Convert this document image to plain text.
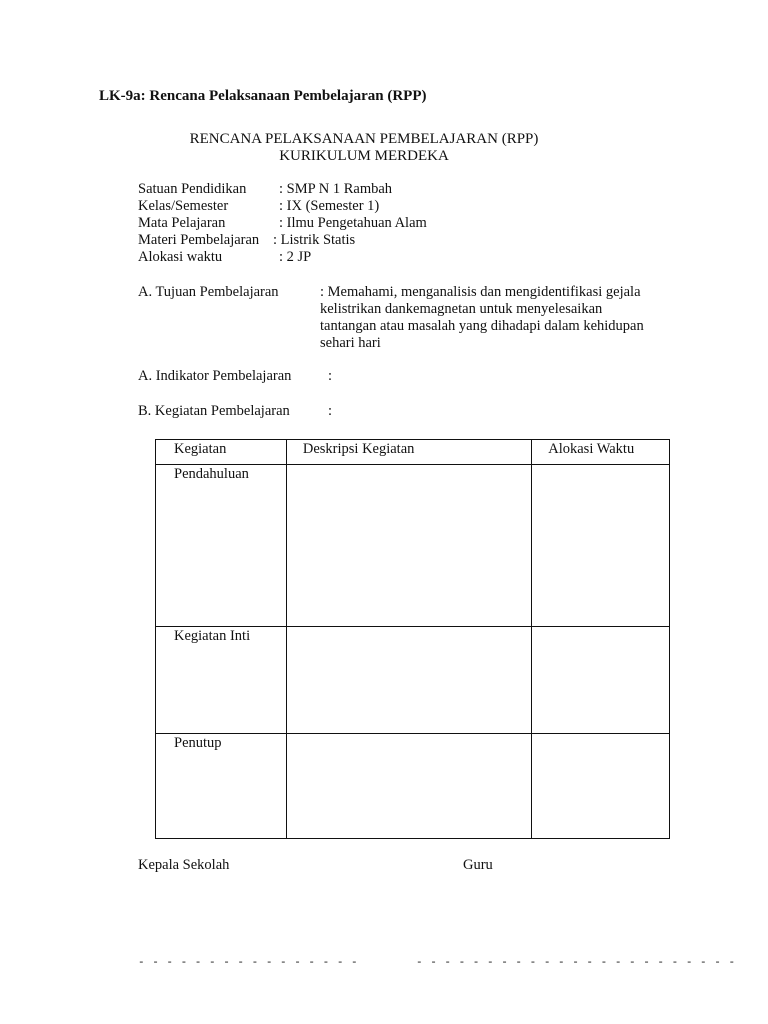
LK-9a: Rencana Pelaksanaan Pembelajaran (RPP)
RENCANA PELAKSANAAN PEMBELAJARAN (RPP)
KURIKULUM MERDEKA
Satuan Pendidikan : SMP N 1 Rambah
Kelas/Semester	: IX (Semester 1)
Mata Pelajaran	: Ilmu Pengetahuan Alam
Materi Pembelajaran : Listrik Statis
Alokasi waktu	: 2 JP
A. Tujuan Pembelajaran	: Memahami, menganalisis dan mengidentifikasi gejala
kelistrikan dankemagnetan untuk menyelesaikan
tantangan atau masalah yang dihadapi dalam kehidupan
sehari hari
A. Indikator Pembelajaran	:
B. Kegiatan Pembelajaran	:
Kegiatan	Deskripsi Kegiatan	Alokasi Waktu

Pendahuluan		

Kegiatan Inti		

Penutup		

Kepala Sekolah	Guru
- - - - - - - - - - - - - - - -	- - - - - - - - - - - - - - - - - - - - - - -
